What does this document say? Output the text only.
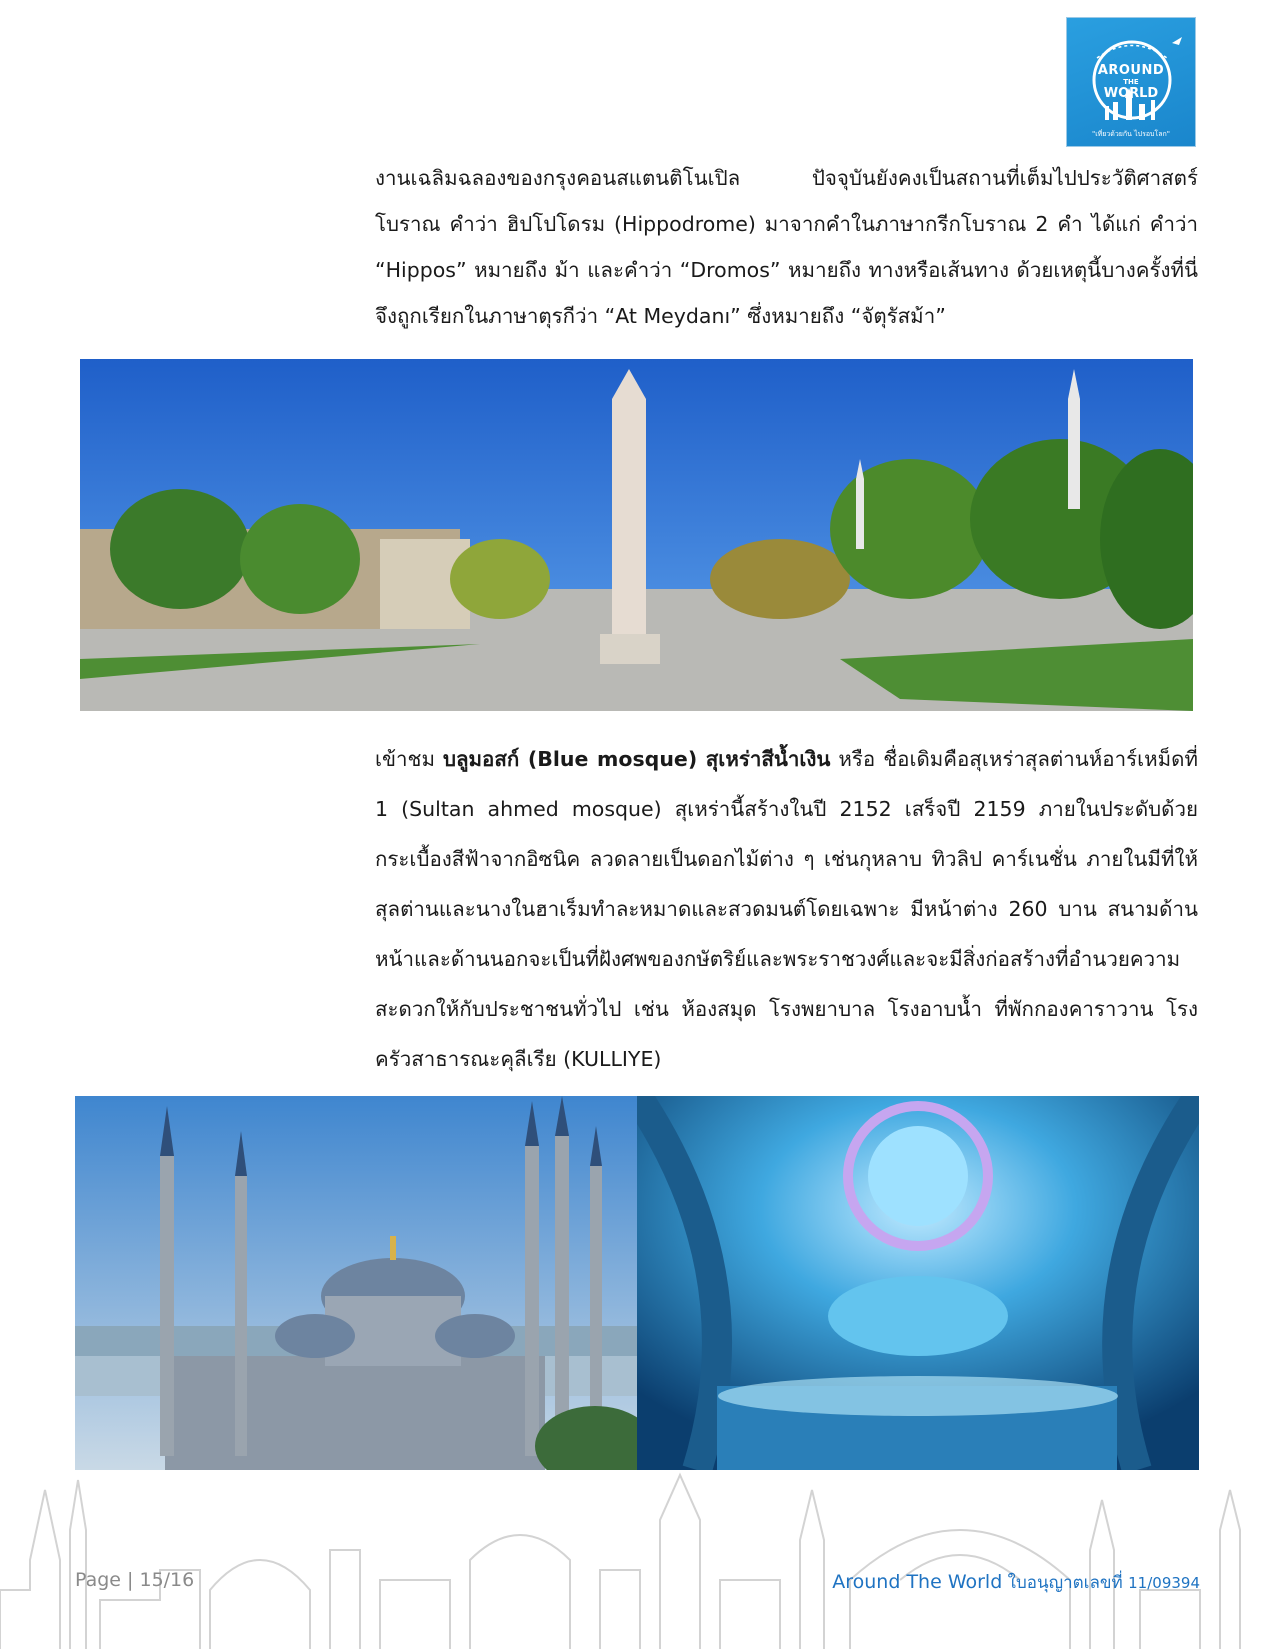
AROUND
THE
WORLD
"เที่ยวด้วยกัน ไปรอบโลก"
งานเฉลิมฉลองของกรุงคอนสแตนติโนเปิล ปัจจุบันยังคงเป็นสถานที่เต็มไปประวัติศาสตร์โบราณ คำว่า ฮิปโปโดรม (Hippodrome) มาจากคำในภาษากรีกโบราณ 2 คำ ได้แก่ คำว่า “Hippos” หมายถึง ม้า และคำว่า “Dromos” หมายถึง ทางหรือเส้นทาง ด้วยเหตุนี้บางครั้งที่นี่จึงถูกเรียกในภาษาตุรกีว่า “At Meydanı” ซึ่งหมายถึง “จัตุรัสม้า”
เข้าชม บลูมอสก์ (Blue mosque) สุเหร่าสีน้ำเงิน หรือ ชื่อเดิมคือสุเหร่าสุลต่านห์อาร์เหม็ดที่ 1 (Sultan ahmed mosque) สุเหร่านี้สร้างในปี 2152 เสร็จปี 2159 ภายในประดับด้วยกระเบื้องสีฟ้าจากอิซนิค ลวดลายเป็นดอกไม้ต่าง ๆ เช่นกุหลาบ ทิวลิป คาร์เนชั่น ภายในมีที่ให้สุลต่านและนางในฮาเร็มทำละหมาดและสวดมนต์โดยเฉพาะ มีหน้าต่าง 260 บาน สนามด้านหน้าและด้านนอกจะเป็นที่ฝังศพของกษัตริย์และพระราชวงศ์และจะมีสิ่งก่อสร้างที่อำนวยความสะดวกให้กับประชาชนทั่วไป เช่น ห้องสมุด โรงพยาบาล โรงอาบน้ำ ที่พักกองคาราวาน โรงครัวสาธารณะคุลีเรีย (KULLIYE)
Page | 15/16	Around The World ใบอนุญาตเลขที่ 11/09394
